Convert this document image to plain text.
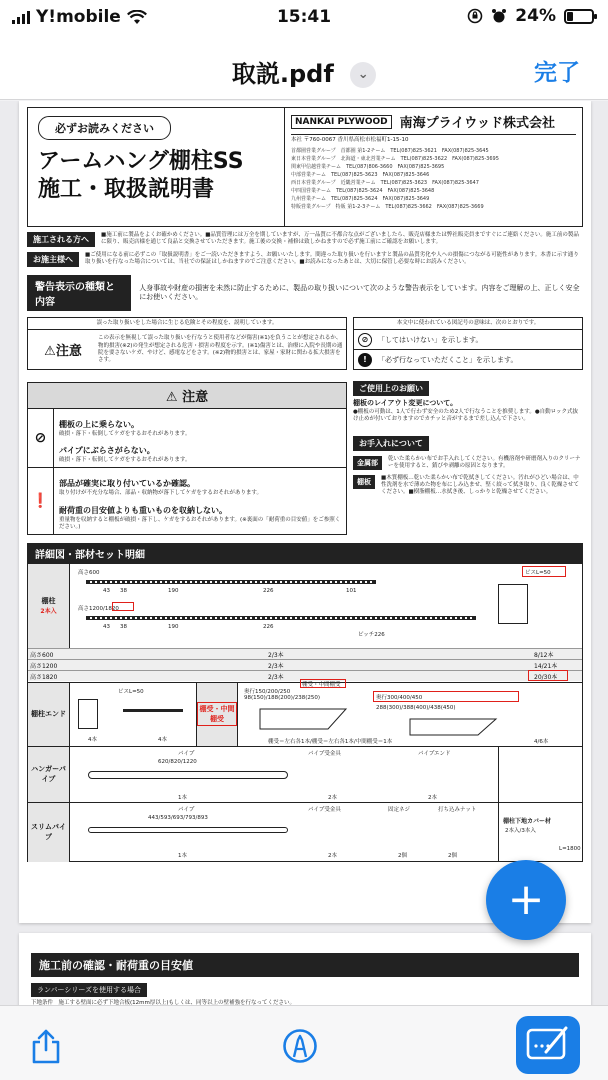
Y!mobile	15:41	24%
取説.pdf ⌄	完了
必ずお読みください
アームハング棚柱SS
施工・取扱説明書
NANKAI PLYWOOD 南海プライウッド株式会社
本社 〒760-0067 香川県高松市松福町1-15-10
首都圏営業グループ　首都圏 第1-2チーム　TEL(087)825-3621　FAX(087)825-3645
東日本営業グループ　北海道・東北営業チーム　TEL(087)825-3622　FAX(087)825-3695
関東甲信越営業チーム　TEL(087)806-3660　FAX(087)825-3695
中部営業チーム　TEL(087)825-3623　FAX(087)825-3646
西日本営業グループ　近畿営業チーム　TEL(087)825-3623　FAX(087)825-3647
中四国営業チーム　TEL(087)825-3624　FAX(087)825-3648
九州営業チーム　TEL(087)825-3624　FAX(087)825-3649
特販営業グループ　特販 第1-2-3チーム　TEL(087)825-3662　FAX(087)825-3669
施工される方へ	■施工前に製品をよくお確かめください。■品質管理には万全を期していますが、万一品質に不都合な点がございましたら、販売店様または弊社販売員まですぐにご連絡ください。施工前の製品に限り、販売店様を通じて良品と交換させていただきます。施工後の交換・補修は致しかねますので必ず施工前にご確認をお願いします。
お施主様へ	■ご使用になる前に必ずこの「取扱説明書」をご一読いただきますよう、お願いいたします。間違った取り扱いを行いますと製品の品質劣化や人への損傷につながる可能性があります。本書に示す通り取り扱いを行なった場合については、当社での保証はしかねますのでご注意ください。■お読みになったあとは、大切に保管し必要な時にお読みください。
警告表示の種類と内容
人身事故や財産の損害を未然に防止するために、製品の取り扱いについて次のような警告表示をしています。内容をご理解の上、正しく安全にお使いください。
誤った取り扱いをした場合に生じる危険とその程度を、説明しています。
⚠注意
この表示を無視して誤った取り扱いを行なうと使用者などが傷害(※1)を負うことが想定されるか、物的損害(※2)の発生が想定される危害・損害の程度を示す。(※1)傷害とは、治療に入院や長期の通院を要さないケガ、やけど、感電などをさす。(※2)物的損害とは、家屋・家財に関わる拡大損害をさす。
本文中に使われている図記号の意味は、次のとおりです。
⊘	「してはいけない」を示します。
!	「必ず行なっていただくこと」を示します。
⚠ 注意
⊘
棚板の上に乗らない。
破損・落下・転倒してケガをするおそれがあります。
パイプにぶらさがらない。
破損・落下・転倒してケガをするおそれがあります。
❗
部品が確実に取り付いているか確認。
取り付けが不充分な場合、部品・収納物が落下してケガをするおそれがあります。
耐荷重の目安値よりも重いものを収納しない。
重量物を収納すると棚板が破損・落下し、ケガをするおそれがあります。(※裏面の「耐荷重の目安値」をご参照ください。)
ご使用上のお願い
棚板のレイアウト変更について。
●棚板の可動は、1人で行わず安全のため2人で行なうことを推奨します。●自動ロック式抜け止めが付いておりますのでカチッと音がするまで差し込んで下さい。
お手入れについて
金属部	乾いた柔らかい布でお手入れしてください。有機溶剤や研磨剤入りのクリーナーを使用すると、錆びや剥離の原因となります。
棚板	■木質棚板…乾いた柔らかい布で乾拭きしてください。汚れがひどい場合は、中性洗剤を水で薄めた物を布にしみ込ませ、堅く絞って拭き取り、良く乾燥させてください。■樹脂棚板…水拭き後、しっかりと乾燥させてください。
詳細図・部材セット明細
棚柱
2本入
高さ600
43 38	190	226	101
高さ1200/1820
43 38	190	226
ピッチ226
ビスL=50
高さ600	2/3本	8/12本
高さ1200	2/3本	14/21本
高さ1820	2/3本	20/30本
棚柱エンド
ビスL=50
4本	4本
棚受・中間棚受
奥行150/200/250
98(150)/188(200)/238(250)
棚受・中間棚受
奥行300/400/450
288(300)/388(400)/438(450)
棚受＝左右各1本/棚受＝左右各1本/中間棚受＝1本	4/6本
ハンガーパイプ
パイプ
620/820/1220
パイプ受金具	パイプエンド
1本	2本	2本
スリムパイプ
パイプ
443/593/693/793/893
パイプ受金具	固定ネジ	打ち込みナット
1本	2本	2個	2個
棚柱下地カバー材
2本入/3本入
L=1800
施工前の確認・耐荷重の目安値
ランパーシリーズを使用する場合
下地条件　施工する壁面に必ず下地合板(12mm厚以上)もしくは、同等以上の壁補強を行なってください。
+
